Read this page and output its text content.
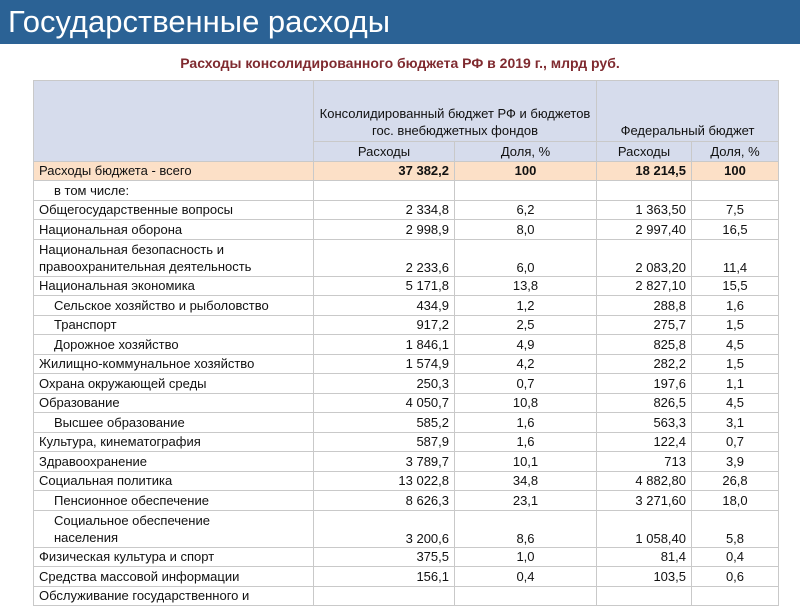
Государственные расходы
Расходы консолидированного бюджета РФ в 2019 г., млрд руб.
	Консолидированный бюджет РФ и бюджетов гос. внебюджетных фондов		Федеральный бюджет	
	Расходы	Доля, %	Расходы	Доля, %
Расходы бюджета - всего	37 382,2	100	18 214,5	100
в том числе:				
Общегосударственные вопросы	2 334,8	6,2	1 363,50	7,5
Национальная оборона	2 998,9	8,0	2 997,40	16,5
Национальная безопасность и правоохранительная деятельность	2 233,6	6,0	2 083,20	11,4
Национальная экономика	5 171,8	13,8	2 827,10	15,5
Сельское хозяйство и рыболовство	434,9	1,2	288,8	1,6
Транспорт	917,2	2,5	275,7	1,5
Дорожное хозяйство	1 846,1	4,9	825,8	4,5
Жилищно-коммунальное хозяйство	1 574,9	4,2	282,2	1,5
Охрана окружающей среды	250,3	0,7	197,6	1,1
Образование	4 050,7	10,8	826,5	4,5
Высшее образование	585,2	1,6	563,3	3,1
Культура, кинематография	587,9	1,6	122,4	0,7
Здравоохранение	3 789,7	10,1	713	3,9
Социальная политика	13 022,8	34,8	4 882,80	26,8
Пенсионное обеспечение	8 626,3	23,1	3 271,60	18,0
Социальное обеспечение населения	3 200,6	8,6	1 058,40	5,8
Физическая культура и спорт	375,5	1,0	81,4	0,4
Средства массовой информации	156,1	0,4	103,5	0,6
Обслуживание государственного и				
